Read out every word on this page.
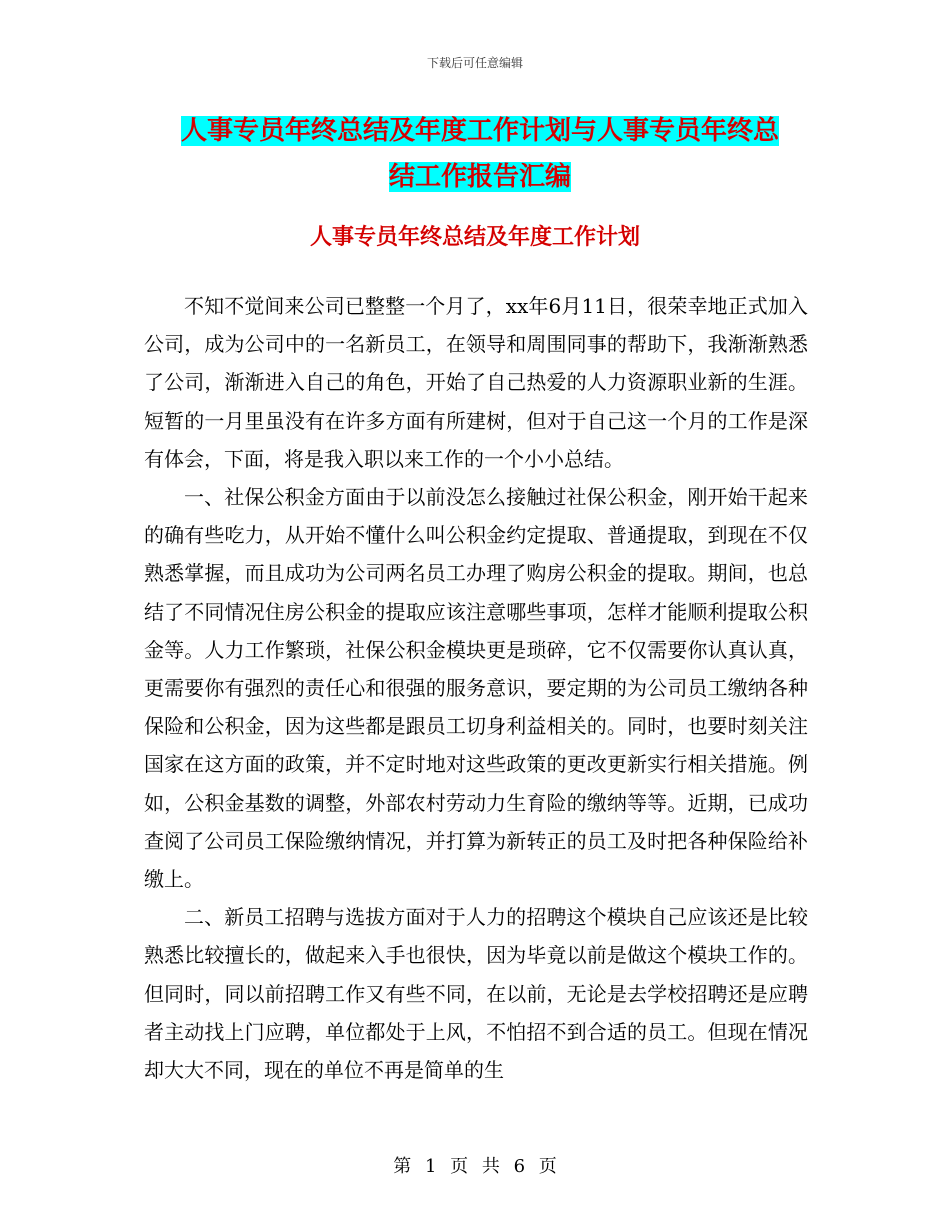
下载后可任意编辑
人事专员年终总结及年度工作计划与人事专员年终总
结工作报告汇编
人事专员年终总结及年度工作计划

不知不觉间来公司已整整一个月了，xx年6月11日，很荣幸地正式加入公司，成为公司中的一名新员工，在领导和周围同事的帮助下，我渐渐熟悉了公司，渐渐进入自己的角色，开始了自己热爱的人力资源职业新的生涯。短暂的一月里虽没有在许多方面有所建树，但对于自己这一个月的工作是深有体会，下面，将是我入职以来工作的一个小小总结。

一、社保公积金方面由于以前没怎么接触过社保公积金，刚开始干起来的确有些吃力，从开始不懂什么叫公积金约定提取、普通提取，到现在不仅熟悉掌握，而且成功为公司两名员工办理了购房公积金的提取。期间，也总结了不同情况住房公积金的提取应该注意哪些事项，怎样才能顺利提取公积金等。人力工作繁琐，社保公积金模块更是琐碎，它不仅需要你认真认真，更需要你有强烈的责任心和很强的服务意识，要定期的为公司员工缴纳各种保险和公积金，因为这些都是跟员工切身利益相关的。同时，也要时刻关注国家在这方面的政策，并不定时地对这些政策的更改更新实行相关措施。例如，公积金基数的调整，外部农村劳动力生育险的缴纳等等。近期，已成功查阅了公司员工保险缴纳情况，并打算为新转正的员工及时把各种保险给补缴上。

二、新员工招聘与选拔方面对于人力的招聘这个模块自己应该还是比较熟悉比较擅长的，做起来入手也很快，因为毕竟以前是做这个模块工作的。但同时，同以前招聘工作又有些不同，在以前，无论是去学校招聘还是应聘者主动找上门应聘，单位都处于上风，不怕招不到合适的员工。但现在情况却大大不同，现在的单位不再是简单的生

第 1 页 共 6 页
